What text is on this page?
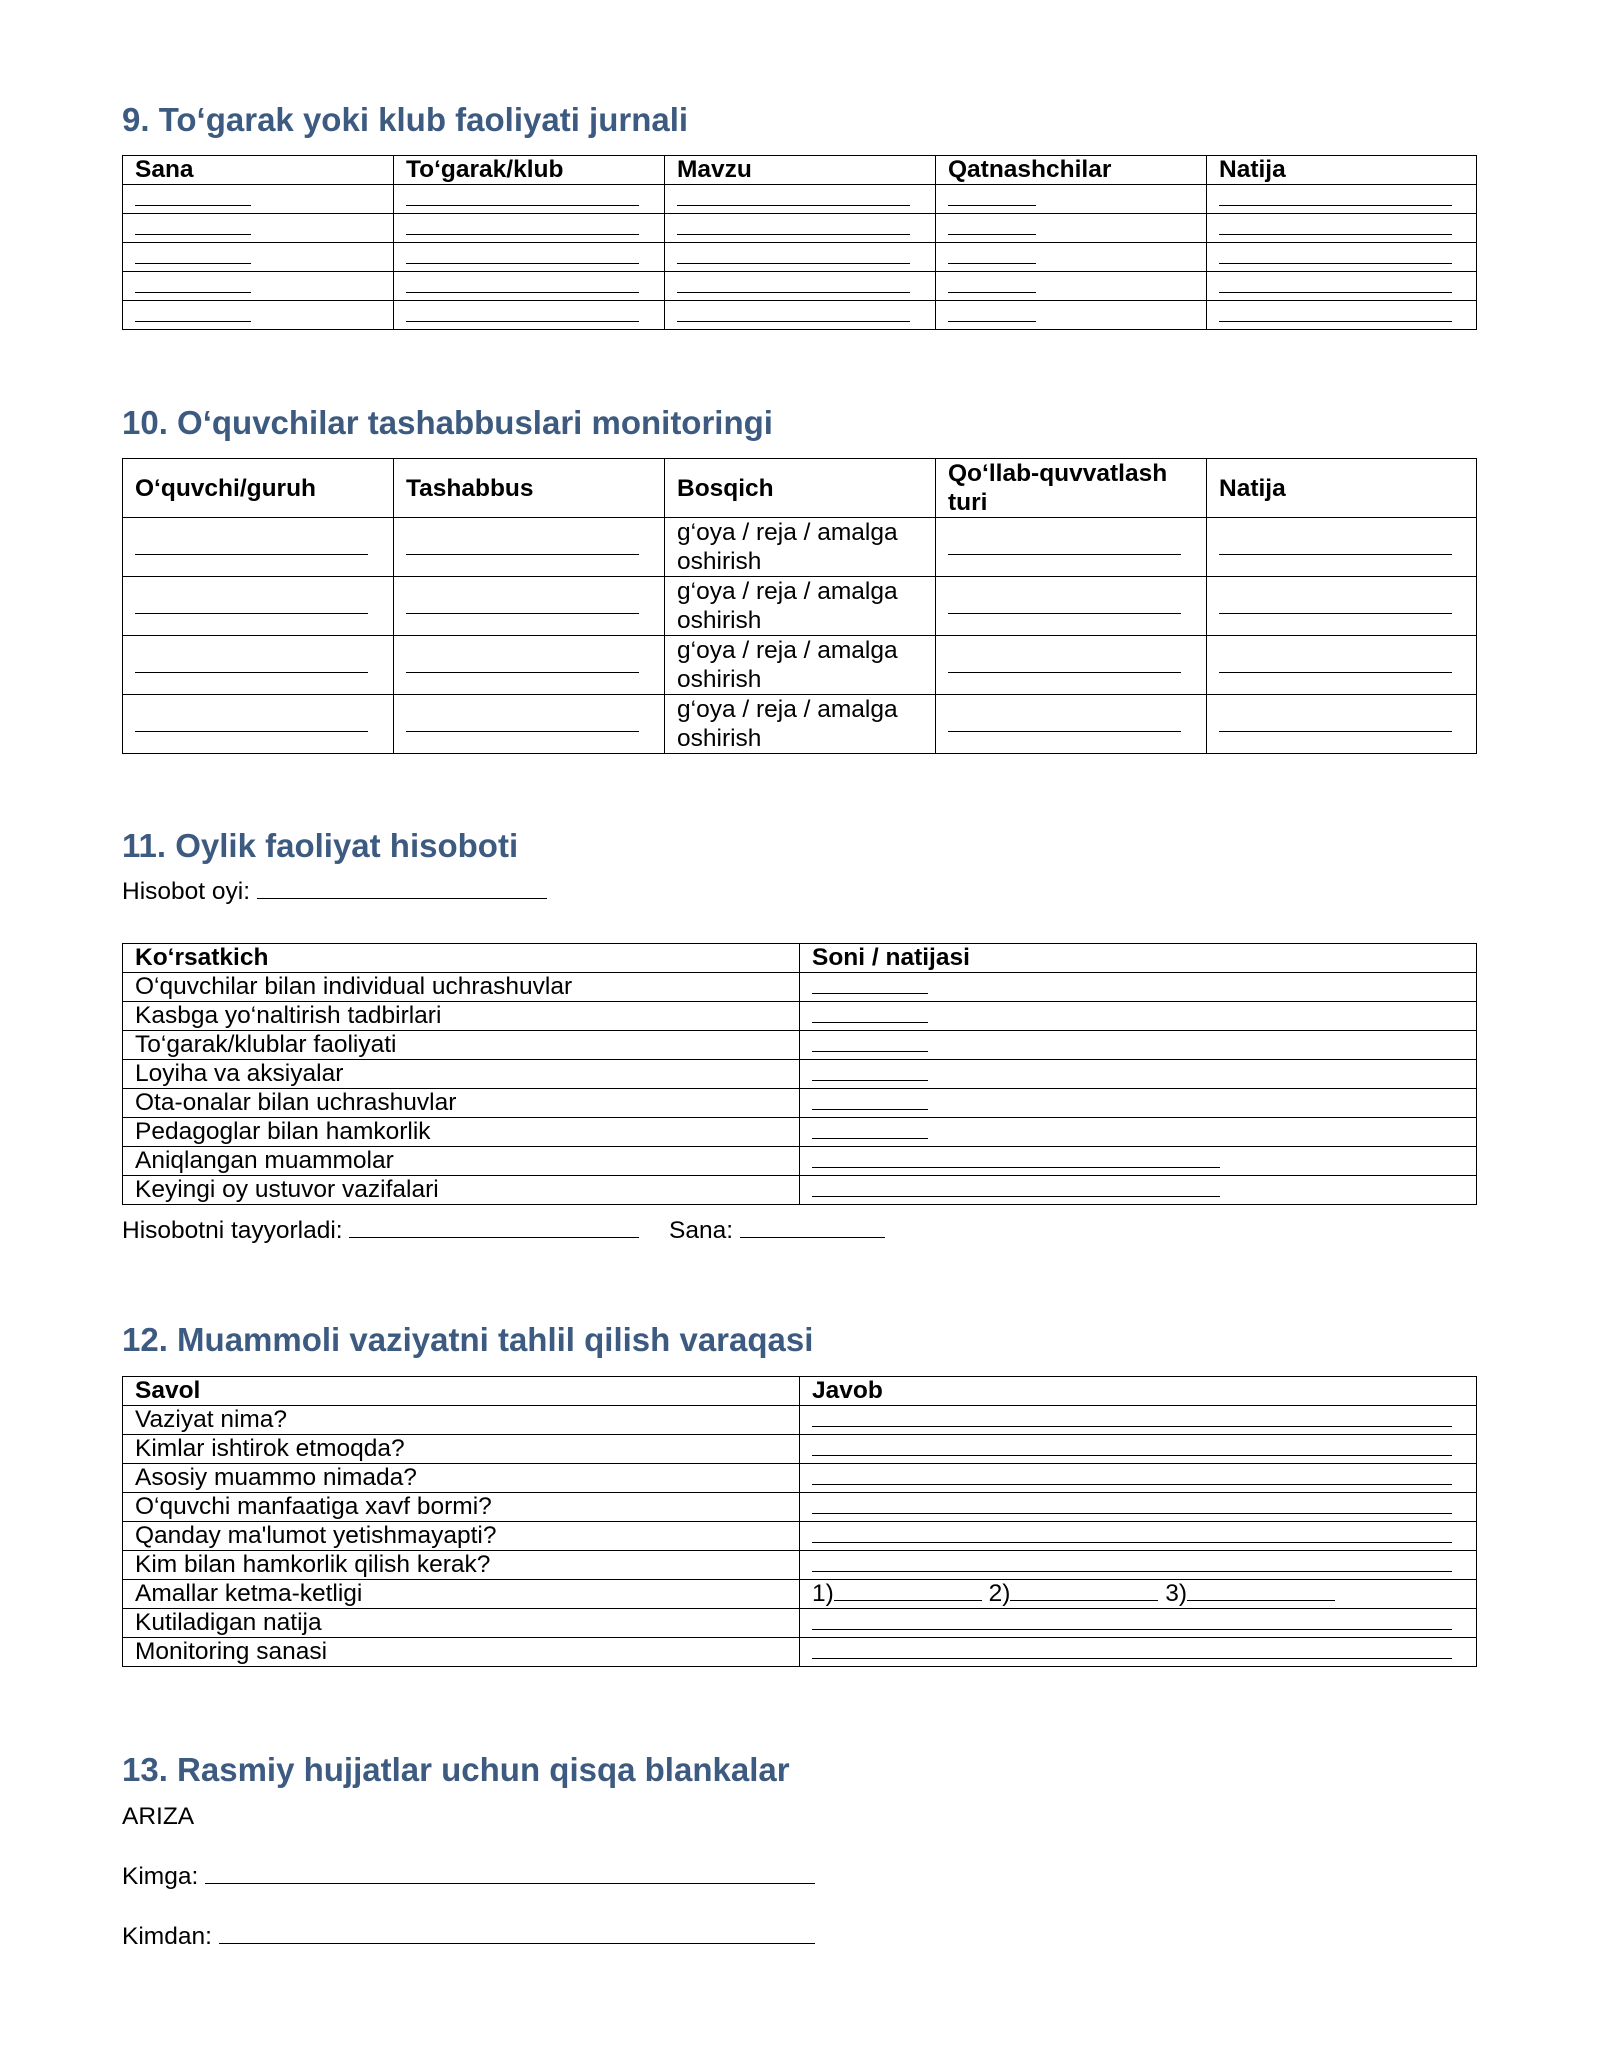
9. To‘garak yoki klub faoliyati jurnali
Sana	To‘garak/klub	Mavzu	Qatnashchilar	Natija

10. O‘quvchilar tashabbuslari monitoringi
O‘quvchi/guruh	Tashabbus	Bosqich	Qo‘llab-quvvatlash turi	Natija
		g‘oya / reja / amalga oshirish		
		g‘oya / reja / amalga oshirish		
		g‘oya / reja / amalga oshirish		
		g‘oya / reja / amalga oshirish		
11. Oylik faoliyat hisoboti
Hisobot oyi:
Ko‘rsatkich	Soni / natijasi
O‘quvchilar bilan individual uchrashuvlar	
Kasbga yo‘naltirish tadbirlari	
To‘garak/klublar faoliyati	
Loyiha va aksiyalar	
Ota-onalar bilan uchrashuvlar	
Pedagoglar bilan hamkorlik	
Aniqlangan muammolar	
Keyingi oy ustuvor vazifalari	
Hisobotni tayyorladi:	Sana:
12. Muammoli vaziyatni tahlil qilish varaqasi
Savol	Javob
Vaziyat nima?	
Kimlar ishtirok etmoqda?	
Asosiy muammo nimada?	
O‘quvchi manfaatiga xavf bormi?	
Qanday ma'lumot yetishmayapti?	
Kim bilan hamkorlik qilish kerak?	
Amallar ketma-ketligi	1) 2) 3)
Kutiladigan natija	
Monitoring sanasi	
13. Rasmiy hujjatlar uchun qisqa blankalar
ARIZA
Kimga:
Kimdan:
